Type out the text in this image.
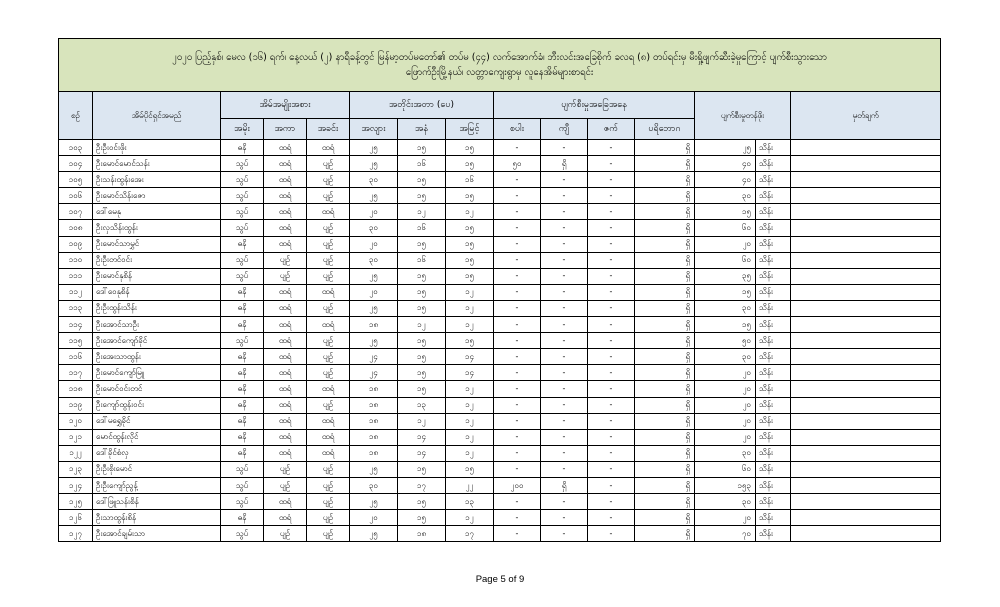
၂၀၂၀ ပြည့်နှစ်၊ မေလ (၁၆) ရက်၊ နေ့လယ် (၂) နာရီခန့်တွင် မြန်မာ့တပ်မတော်၏ တပ်မ (၄၄) လက်အောက်ခံ၊ ဘီးလင်းအခြေစိုက် ခလရ (၈) တပ်ရင်းမှ မီးရှို့ဖျက်ဆီးခဲ့မှုကြောင့် ပျက်စီးသွားသော
ဖြောက်ဦးမြို့နယ်၊ လတ္တာကျေးရွာမှ လူနေအိမ်များစာရင်း														

စဉ်	အိမ်ပိုင်ရှင်အမည်	အိမ်အမျိုးအစား			အတိုင်းအတာ (ပေ)			ပျက်စီးမှုအခြေအနေ				ပျက်စီးမှုတန်ဖိုး		မှတ်ချက်
		အမိုး	အကာ	အခင်း	အလျား	အနံ	အမြင့်	စပါး	ကျီ	ဇက်	ပရိဘောဂ			
၁၀၃	ဦးဦးဝင်းဖိုး	ဓနိ	ထရံ	ထရံ	၂၅	၁၅	၁၅	-	-	-	ရှိ	၂၅	သိန်း	
၁၀၄	ဦးမောင်မောင်သန်း	သွပ်	ထရံ	ပျဉ်	၂၅	၁၆	၁၅	၅၀	ရှိ	-	ရှိ	၄၀	သိန်း	
၁၀၅	ဦးသန်းထွန်းအေး	သွပ်	ထရံ	ပျဉ်	၃၀	၁၅	၁၆	-	-	-	ရှိ	၄၀	သိန်း	
၁၀၆	ဦးမောင်သိန်းဇော	သွပ်	ထရံ	ပျဉ်	၂၅	၁၅	၁၅	-	-	-	ရှိ	၃၀	သိန်း	
၁၀၇	ဒေါ်မေနု	သွပ်	ထရံ	ထရံ	၂၀	၁၂	၁၂	-	-	-	ရှိ	၁၅	သိန်း	
၁၀၈	ဦးလှသိန်းထွန်း	သွပ်	ထရံ	ပျဉ်	၃၀	၁၆	၁၅	-	-	-	ရှိ	၆၀	သိန်း	
၁၀၉	ဦးမောင်သာမွှင်	ဓနိ	ထရံ	ပျဉ်	၂၀	၁၅	၁၅	-	-	-	ရှိ	၂၀	သိန်း	
၁၁၀	ဦးဦးတင်ဝင်း	သွပ်	ပျဉ်	ပျဉ်	၃၀	၁၆	၁၅	-	-	-	ရှိ	၆၀	သိန်း	
၁၁၁	ဦးမောင်နုစိန်	သွပ်	ပျဉ်	ပျဉ်	၂၅	၁၅	၁၅	-	-	-	ရှိ	၃၅	သိန်း	
၁၁၂	ဒေါ်ဝေနုစိန်	ဓနိ	ထရံ	ထရံ	၂၀	၁၅	၁၂	-	-	-	ရှိ	၁၅	သိန်း	
၁၁၃	ဦးဦးထွန်းသိန်း	ဓနိ	ထရံ	ပျဉ်	၂၅	၁၅	၁၂	-	-	-	ရှိ	၃၀	သိန်း	
၁၁၄	ဦးအောင်သာဦး	ဓနိ	ထရံ	ထရံ	၁၈	၁၂	၁၂	-	-	-	ရှိ	၁၅	သိန်း	
၁၁၅	ဦးအောင်ကျော်ခိုင်	သွပ်	ထရံ	ပျဉ်	၂၅	၁၅	၁၅	-	-	-	ရှိ	၅၀	သိန်း	
၁၁၆	ဦးအေးသာထွန်း	ဓနိ	ထရံ	ပျဉ်	၂၄	၁၅	၁၄	-	-	-	ရှိ	၃၀	သိန်း	
၁၁၇	ဦးမောင်ကျော်မြူ	ဓနိ	ထရံ	ပျဉ်	၂၄	၁၅	၁၄	-	-	-	ရှိ	၂၀	သိန်း	
၁၁၈	ဦးမောင်ဝင်းတင်	ဓနိ	ထရံ	ထရံ	၁၈	၁၅	၁၂	-	-	-	ရှိ	၂၀	သိန်း	
၁၁၉	ဦးကျော်ထွန်းဝင်း	ဓနိ	ထရံ	ပျဉ်	၁၈	၁၃	၁၂	-	-	-	ရှိ	၂၀	သိန်း	
၁၂၀	ဒေါ်မရွှေခိုင်	ဓနိ	ထရံ	ထရံ	၁၈	၁၂	၁၂	-	-	-	ရှိ	၂၀	သိန်း	
၁၂၁	မောင်ထွန်းလိုင်	ဓနိ	ထရံ	ထရံ	၁၈	၁၄	၁၂	-	-	-	ရှိ	၂၀	သိန်း	
၁၂၂	ဒေါ်ခိုင်စံလှ	ဓနိ	ထရံ	ထရံ	၁၈	၁၄	၁၂	-	-	-	ရှိ	၃၀	သိန်း	
၁၂၃	ဦးဦးစိုးမောင်	သွပ်	ပျဉ်	ပျဉ်	၂၅	၁၅	၁၅	-	-	-	ရှိ	၆၀	သိန်း	
၁၂၄	ဦးဦးကျော်ညွန့်	သွပ်	ပျဉ်	ပျဉ်	၃၀	၁၇	၂၂	၂၀၀	ရှိ	-	ရှိ	၁၅၃	သိန်း	
၁၂၅	ဒေါ်ဖြူသန်းစိန်	သွပ်	ထရံ	ပျဉ်	၂၅	၁၅	၁၃	-	-	-	ရှိ	၃၀	သိန်း	
၁၂၆	ဦးသာထွန်းစိန်	ဓနိ	ထရံ	ပျဉ်	၂၀	၁၅	၁၂	-	-	-	ရှိ	၂၀	သိန်း	
၁၂၇	ဦးအောင်ချမ်းသာ	သွပ်	ပျဉ်	ပျဉ်	၂၅	၁၈	၁၇	-	-	-	ရှိ	၇၀	သိန်း	
Page 5 of 9
